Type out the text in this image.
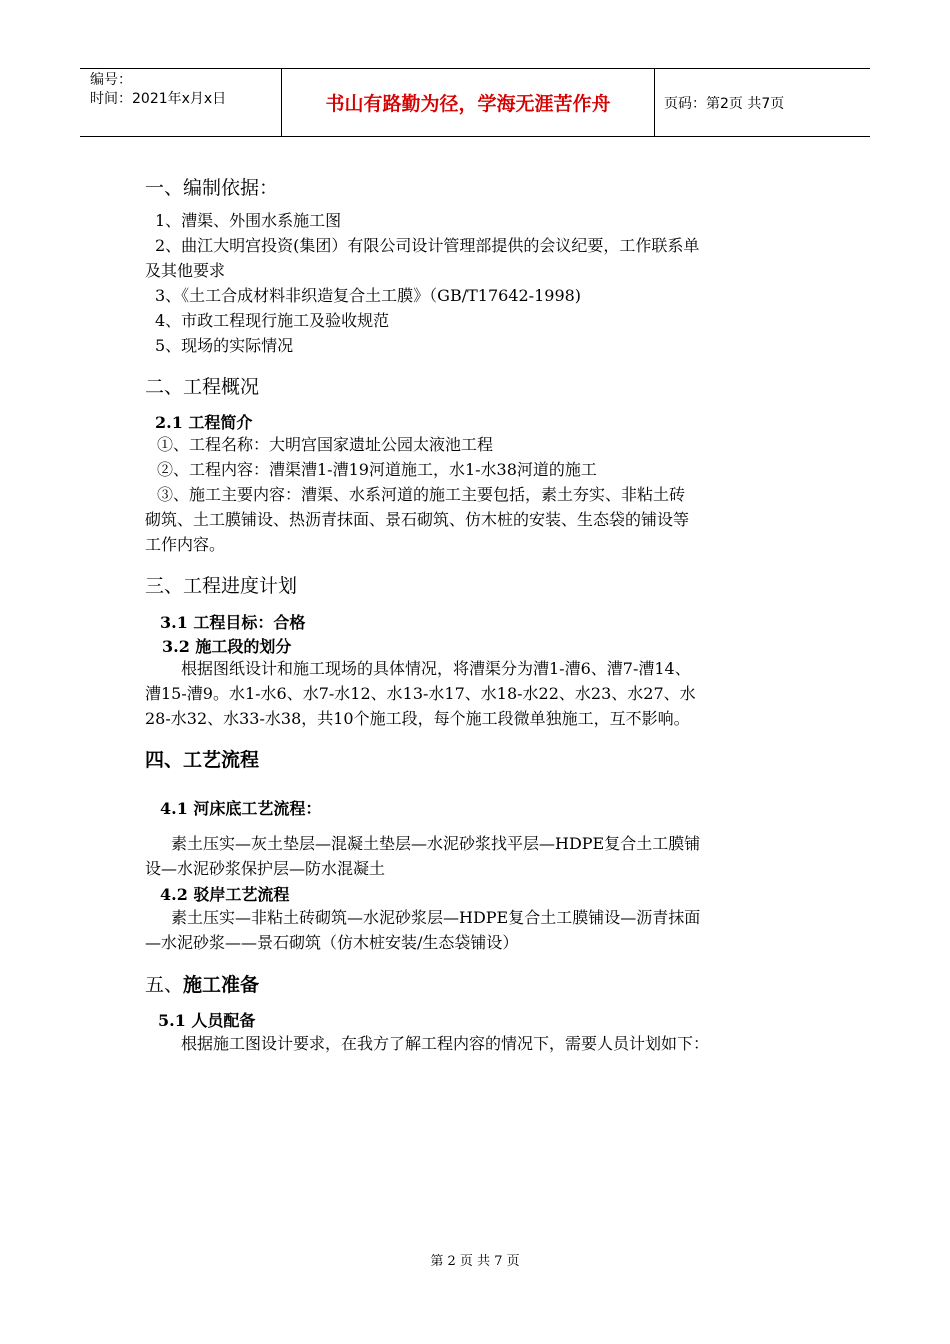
编号：
时间：2021年x月x日	书山有路勤为径，学海无涯苦作舟	页码：第2页 共7页
一、编制依据：
1、漕渠、外围水系施工图
2、曲江大明宫投资(集团）有限公司设计管理部提供的会议纪要，工作联系单
及其他要求
3、《土工合成材料非织造复合土工膜》（GB/T17642-1998)
4、市政工程现行施工及验收规范
5、现场的实际情况
二、工程概况
2.1 工程简介
①、工程名称：大明宫国家遗址公园太液池工程
②、工程内容：漕渠漕1-漕19河道施工，水1-水38河道的施工
③、施工主要内容：漕渠、水系河道的施工主要包括，素土夯实、非粘土砖
砌筑、土工膜铺设、热沥青抹面、景石砌筑、仿木桩的安装、生态袋的铺设等
工作内容。
三、工程进度计划
3.1 工程目标：合格
3.2 施工段的划分
根据图纸设计和施工现场的具体情况，将漕渠分为漕1-漕6、漕7-漕14、
漕15-漕9。水1-水6、水7-水12、水13-水17、水18-水22、水23、水27、水
28-水32、水33-水38，共10个施工段，每个施工段微单独施工，互不影响。
四、工艺流程
4.1 河床底工艺流程：
素土压实—灰土垫层—混凝土垫层—水泥砂浆找平层—HDPE复合土工膜铺
设—水泥砂浆保护层—防水混凝土
4.2 驳岸工艺流程
素土压实—非粘土砖砌筑—水泥砂浆层—HDPE复合土工膜铺设—沥青抹面
—水泥砂浆——景石砌筑（仿木桩安装/生态袋铺设）
五、施工准备
5.1 人员配备
根据施工图设计要求，在我方了解工程内容的情况下，需要人员计划如下：
第 2 页 共 7 页
